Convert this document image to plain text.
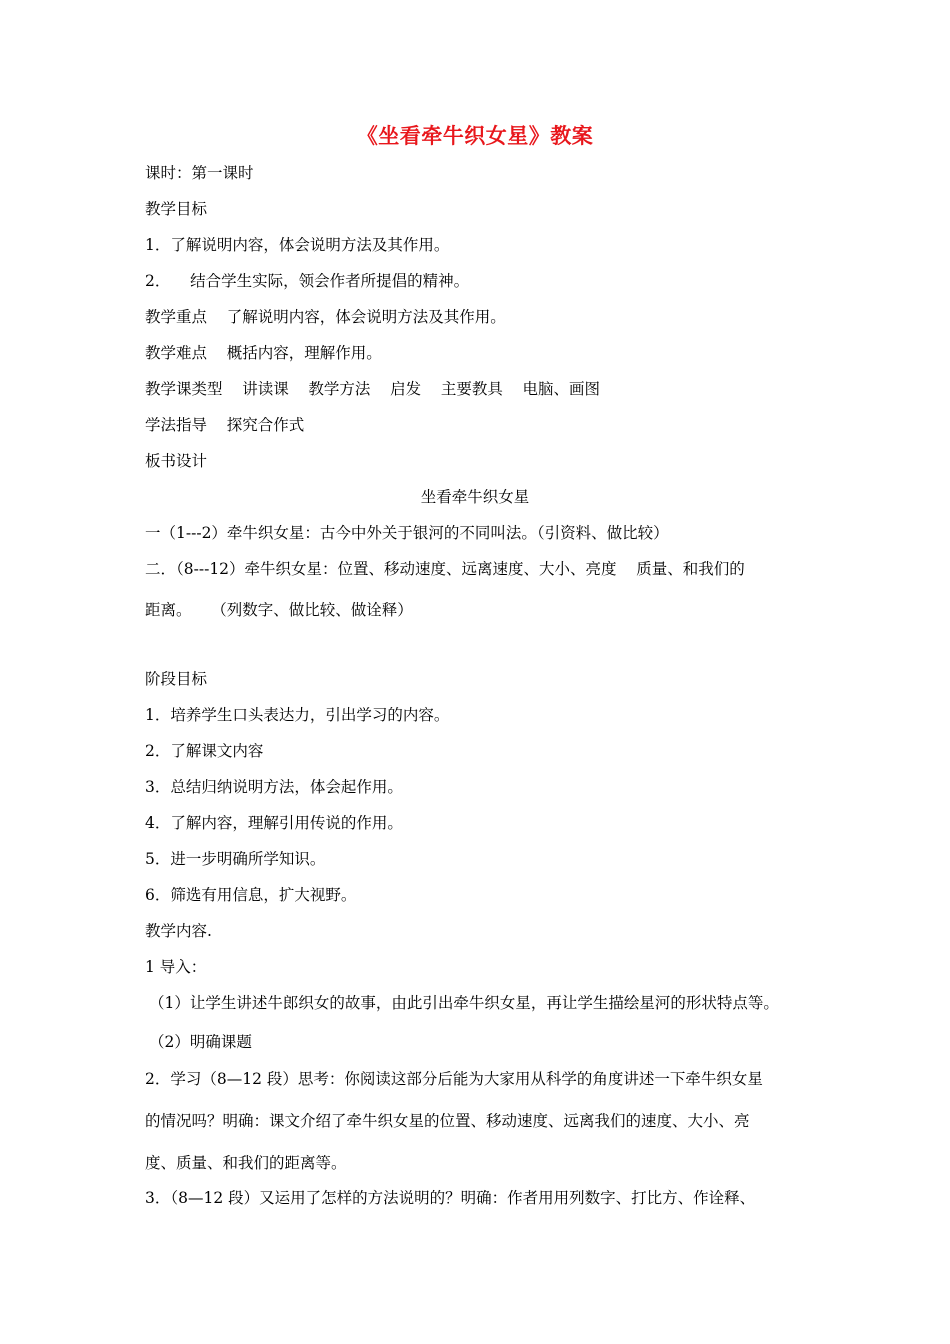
《坐看牵牛织女星》教案
课时：第一课时
教学目标
1．了解说明内容，体会说明方法及其作用。
2．    结合学生实际，领会作者所提倡的精神。
教学重点    了解说明内容，体会说明方法及其作用。
教学难点    概括内容，理解作用。
教学课类型    讲读课    教学方法    启发    主要教具    电脑、画图
学法指导    探究合作式
板书设计
坐看牵牛织女星
一（1---2）牵牛织女星：古今中外关于银河的不同叫法。（引资料、做比较）
二．（8---12）牵牛织女星：位置、移动速度、远离速度、大小、亮度    质量、和我们的
距离。    （列数字、做比较、做诠释）
阶段目标
1．培养学生口头表达力，引出学习的内容。
2．了解课文内容
3．总结归纳说明方法，体会起作用。
4．了解内容，理解引用传说的作用。
5．进一步明确所学知识。
6．筛选有用信息，扩大视野。
教学内容.
1 导入：
（1）让学生讲述牛郎织女的故事，由此引出牵牛织女星，再让学生描绘星河的形状特点等。
（2）明确课题
2．学习（8—12 段）思考：你阅读这部分后能为大家用从科学的角度讲述一下牵牛织女星
的情况吗？明确：课文介绍了牵牛织女星的位置、移动速度、远离我们的速度、大小、亮
度、质量、和我们的距离等。
3．（8—12 段）又运用了怎样的方法说明的？明确：作者用用列数字、打比方、作诠释、
